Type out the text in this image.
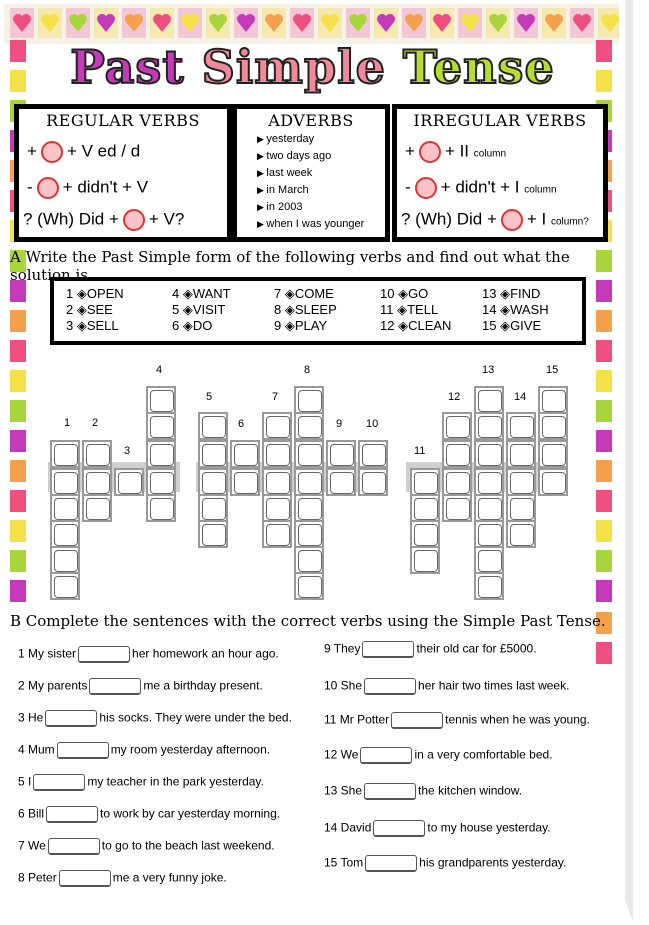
Past Simple Tense
REGULAR VERBS
+ + V ed / d
- + didn't + V
? (Wh) Did + + V?
ADVERBS
▶ yesterday
▶ two days ago
▶ last week
▶ in March
▶ in 2003
▶ when I was younger
IRREGULAR VERBS
+ + II column
- + didn't + I column
? (Wh) Did + + I column?
A Write the Past Simple form of the following verbs and find out what the solution is
1 ◈OPEN	4 ◈WANT	7 ◈COME	10 ◈GO	13 ◈FIND
2 ◈SEE	5 ◈VISIT	8 ◈SLEEP	11 ◈TELL	14 ◈WASH
3 ◈SELL	6 ◈DO	9 ◈PLAY	12 ◈CLEAN 15 ◈GIVE
1 2
3
4
5
6
7
8
9 10
11
12
13
14
15
B Complete the sentences with the correct verbs using the Simple Past Tense.
1 My sister	her homework an hour ago.
2 My parents	me a birthday present.
3 He	his socks. They were under the bed.
4 Mum	my room yesterday afternoon.
5 I	my teacher in the park yesterday.
6 Bill	to work by car yesterday morning.
7 We	to go to the beach last weekend.
8 Peter	me a very funny joke.
9 They	their old car for £5000.
10 She	her hair two times last week.
11 Mr Potter	tennis when he was young.
12 We	in a very comfortable bed.
13 She	the kitchen window.
14 David	to my house yesterday.
15 Tom	his grandparents yesterday.
